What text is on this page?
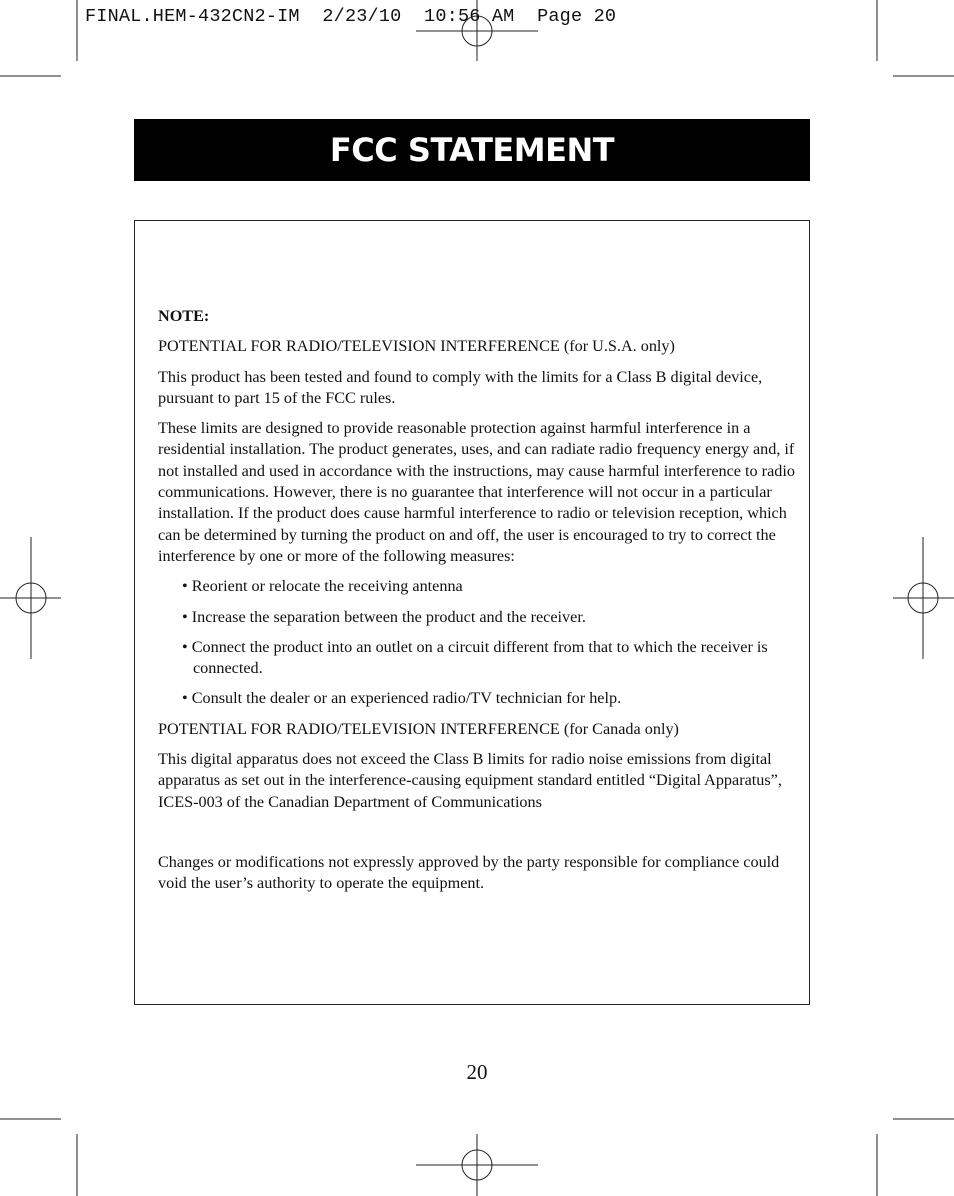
FINAL.HEM-432CN2-IM  2/23/10  10:56 AM  Page 20
FCC STATEMENT

NOTE:

POTENTIAL FOR RADIO/TELEVISION INTERFERENCE (for U.S.A. only)

This product has been tested and found to comply with the limits for a Class B digital device, pursuant to part 15 of the FCC rules.

These limits are designed to provide reasonable protection against harmful interference in a residential installation. The product generates, uses, and can radiate radio frequency energy and, if not installed and used in accordance with the instructions, may cause harmful interference to radio communications. However, there is no guarantee that interference will not occur in a particular installation. If the product does cause harmful interference to radio or television reception, which can be determined by turning the product on and off, the user is encouraged to try to correct the interference by one or more of the following measures:

• Reorient or relocate the receiving antenna
• Increase the separation between the product and the receiver.
• Connect the product into an outlet on a circuit different from that to which the receiver is connected.
• Consult the dealer or an experienced radio/TV technician for help.

POTENTIAL FOR RADIO/TELEVISION INTERFERENCE (for Canada only)

This digital apparatus does not exceed the Class B limits for radio noise emissions from digital apparatus as set out in the interference-causing equipment standard entitled “Digital Apparatus”, ICES-003 of the Canadian Department of Communications

Changes or modifications not expressly approved by the party responsible for compliance could void the user’s authority to operate the equipment.

20
